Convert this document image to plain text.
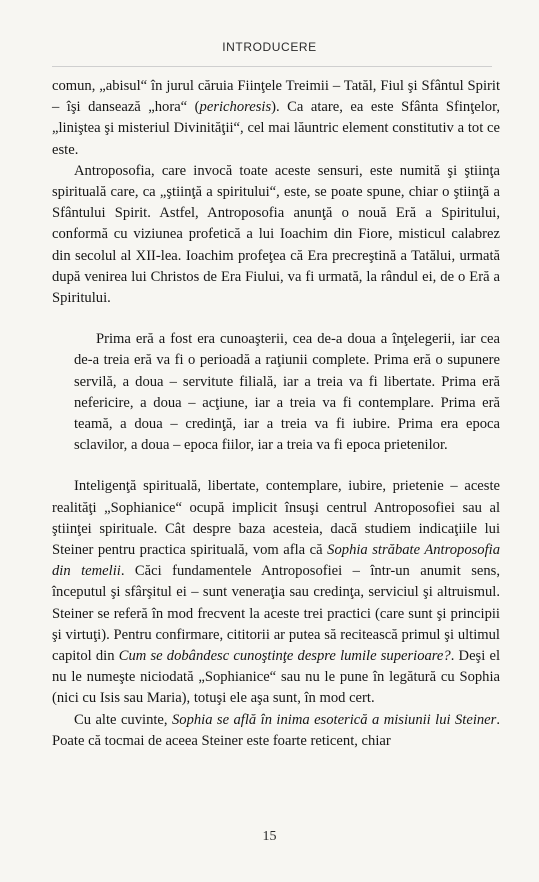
INTRODUCERE

comun, „abisul“ în jurul căruia Fiinţele Treimii – Tatăl, Fiul şi Sfântul Spirit – îşi dansează „hora“ (perichoresis). Ca atare, ea este Sfânta Sfinţelor, „liniştea şi misteriul Divinităţii“, cel mai lăuntric element constitutiv a tot ce este.

Antroposofia, care invocă toate aceste sensuri, este numită şi ştiinţa spirituală care, ca „ştiinţă a spiritului“, este, se poate spune, chiar o ştiinţă a Sfântului Spirit. Astfel, Antroposofia anunţă o nouă Eră a Spiritului, conformă cu viziunea profetică a lui Ioachim din Fiore, misticul calabrez din secolul al XII-lea. Ioachim profeţea că Era precreştină a Tatălui, urmată după venirea lui Christos de Era Fiului, va fi urmată, la rândul ei, de o Eră a Spiritului.

Prima eră a fost era cunoaşterii, cea de-a doua a înţelegerii, iar cea de-a treia eră va fi o perioadă a raţiunii complete. Prima eră o supunere servilă, a doua – servitute filială, iar a treia va fi libertate. Prima eră nefericire, a doua – acţiune, iar a treia va fi contemplare. Prima eră teamă, a doua – credinţă, iar a treia va fi iubire. Prima era epoca sclavilor, a doua – epoca fiilor, iar a treia va fi epoca prietenilor.

Inteligenţă spirituală, libertate, contemplare, iubire, prietenie – aceste realităţi „Sophianice“ ocupă implicit însuşi centrul Antroposofiei sau al ştiinţei spirituale. Cât despre baza acesteia, dacă studiem indicaţiile lui Steiner pentru practica spirituală, vom afla că Sophia străbate Antroposofia din temelii. Căci fundamentele Antroposofiei – într-un anumit sens, începutul şi sfârşitul ei – sunt veneraţia sau credinţa, serviciul şi altruismul. Steiner se referă în mod frecvent la aceste trei practici (care sunt şi principii şi virtuţi). Pentru confirmare, cititorii ar putea să recitească primul şi ultimul capitol din Cum se dobândesc cunoştinţe despre lumile superioare?. Deşi el nu le numeşte niciodată „Sophianice“ sau nu le pune în legătură cu Sophia (nici cu Isis sau Maria), totuşi ele aşa sunt, în mod cert.

Cu alte cuvinte, Sophia se află în inima esoterică a misiunii lui Steiner. Poate că tocmai de aceea Steiner este foarte reticent, chiar

15
